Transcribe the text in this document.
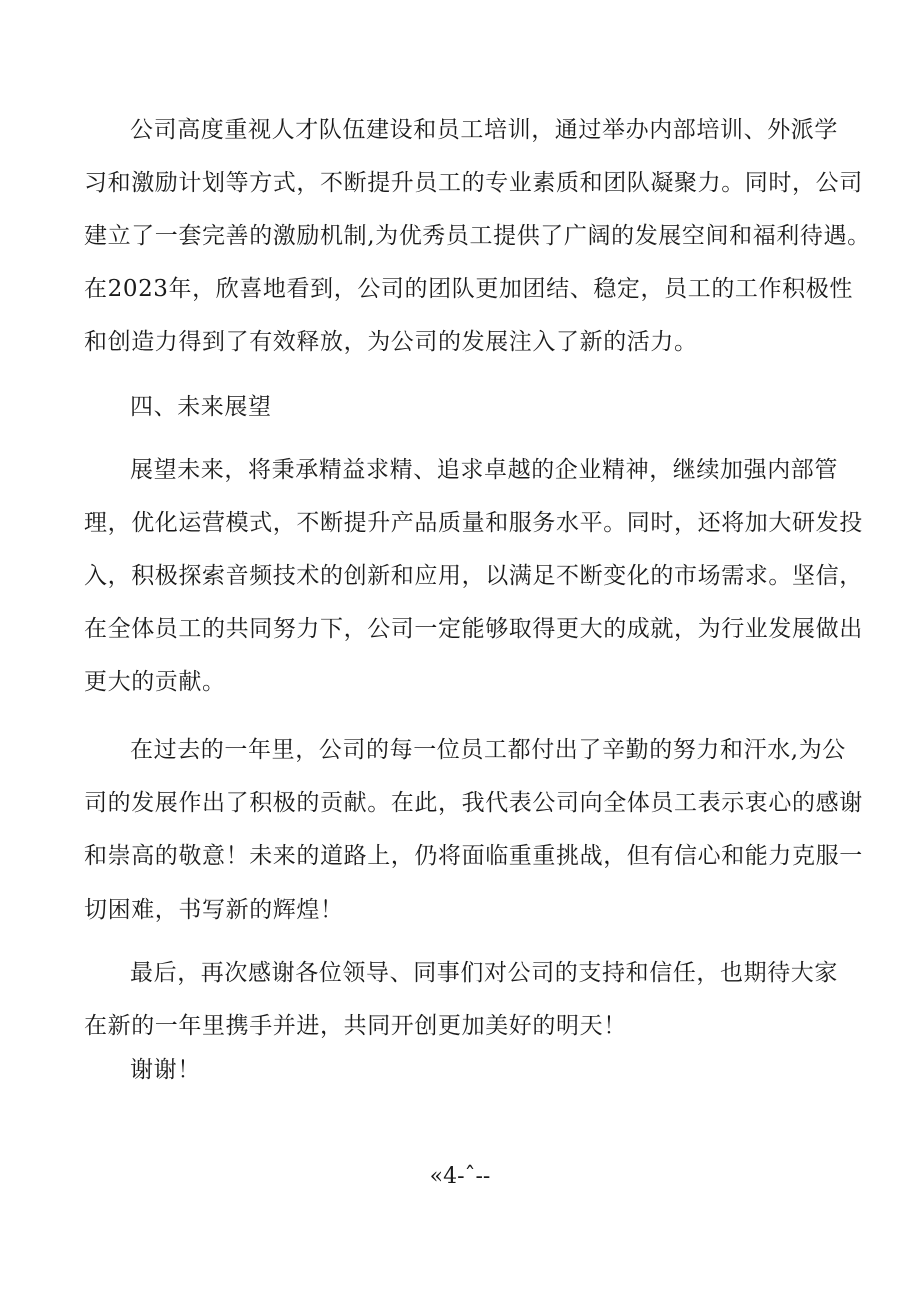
公司高度重视人才队伍建设和员工培训，通过举办内部培训、外派学
习和激励计划等方式，不断提升员工的专业素质和团队凝聚力。同时，公司
建立了一套完善的激励机制,为优秀员工提供了广阔的发展空间和福利待遇。
在2023年，欣喜地看到，公司的团队更加团结、稳定，员工的工作积极性
和创造力得到了有效释放，为公司的发展注入了新的活力。
四、未来展望
展望未来，将秉承精益求精、追求卓越的企业精神，继续加强内部管
理，优化运营模式，不断提升产品质量和服务水平。同时，还将加大研发投
入，积极探索音频技术的创新和应用，以满足不断变化的市场需求。坚信，
在全体员工的共同努力下，公司一定能够取得更大的成就，为行业发展做出
更大的贡献。
在过去的一年里，公司的每一位员工都付出了辛勤的努力和汗水,为公
司的发展作出了积极的贡献。在此，我代表公司向全体员工表示衷心的感谢
和崇高的敬意！未来的道路上，仍将面临重重挑战，但有信心和能力克服一
切困难，书写新的辉煌！
最后，再次感谢各位领导、同事们对公司的支持和信任，也期待大家
在新的一年里携手并进，共同开创更加美好的明天！
谢谢！
«4-ˆ--
